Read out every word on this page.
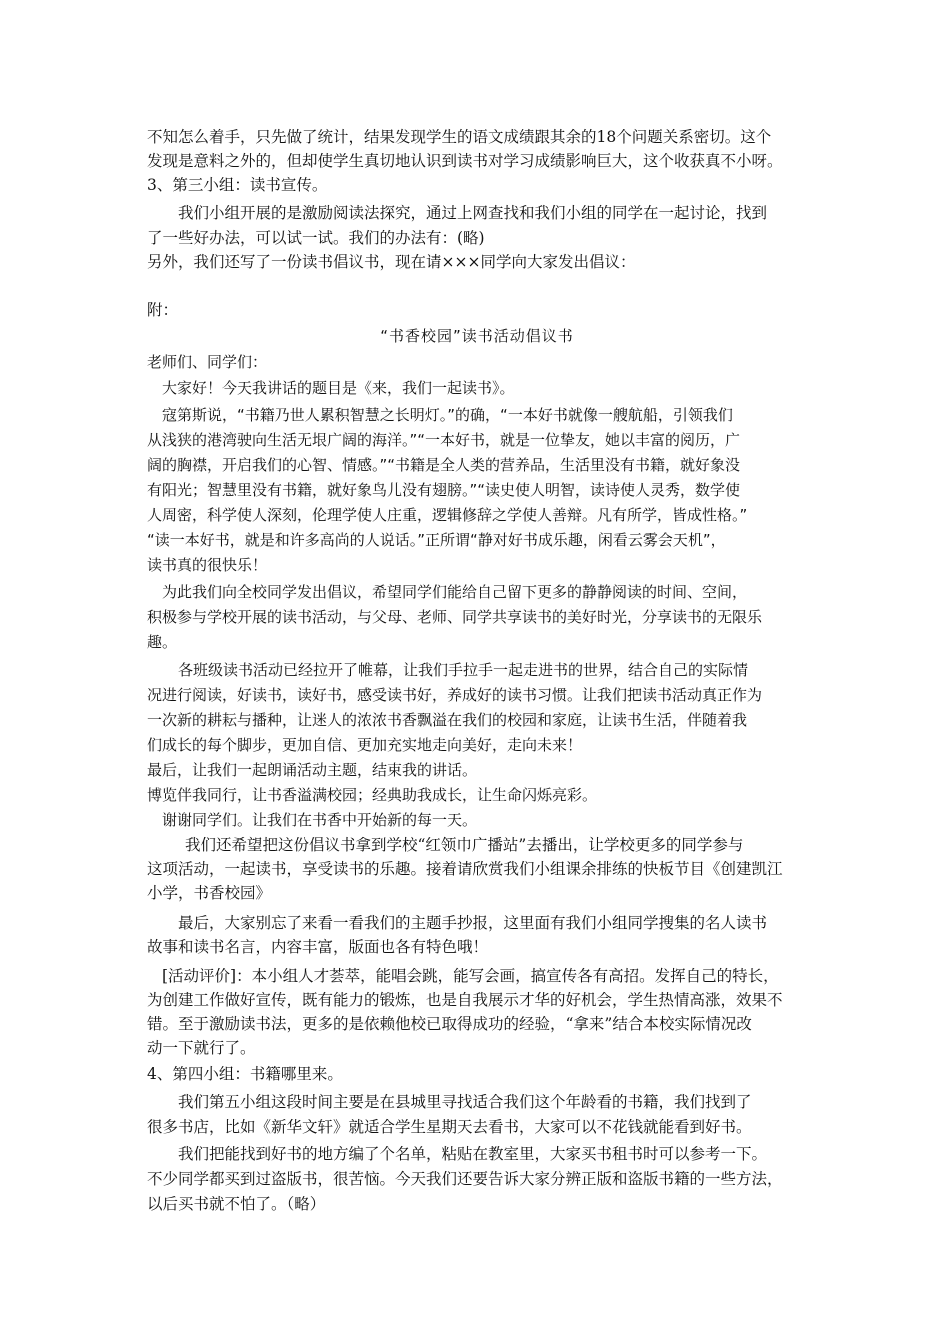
不知怎么着手，只先做了统计，结果发现学生的语文成绩跟其余的18个问题关系密切。这个
发现是意料之外的，但却使学生真切地认识到读书对学习成绩影响巨大，这个收获真不小呀。
3、第三小组：读书宣传。
我们小组开展的是激励阅读法探究，通过上网查找和我们小组的同学在一起讨论，找到
了一些好办法，可以试一试。我们的办法有：(略)
另外，我们还写了一份读书倡议书，现在请×××同学向大家发出倡议：
附：
“书香校园”读书活动倡议书
老师们、同学们：
大家好！今天我讲话的题目是《来，我们一起读书》。
寇第斯说，“书籍乃世人累积智慧之长明灯。”的确，“一本好书就像一艘航船，引领我们
从浅狭的港湾驶向生活无垠广阔的海洋。”“一本好书，就是一位挚友，她以丰富的阅历，广
阔的胸襟，开启我们的心智、情感。”“书籍是全人类的营养品，生活里没有书籍，就好象没
有阳光；智慧里没有书籍，就好象鸟儿没有翅膀。”“读史使人明智，读诗使人灵秀，数学使
人周密，科学使人深刻，伦理学使人庄重，逻辑修辞之学使人善辩。凡有所学，皆成性格。”
“读一本好书，就是和许多高尚的人说话。”正所谓“静对好书成乐趣，闲看云雾会天机”，
读书真的很快乐！
为此我们向全校同学发出倡议，希望同学们能给自己留下更多的静静阅读的时间、空间，
积极参与学校开展的读书活动，与父母、老师、同学共享读书的美好时光，分享读书的无限乐
趣。
各班级读书活动已经拉开了帷幕，让我们手拉手一起走进书的世界，结合自己的实际情
况进行阅读，好读书，读好书，感受读书好，养成好的读书习惯。让我们把读书活动真正作为
一次新的耕耘与播种，让迷人的浓浓书香飘溢在我们的校园和家庭，让读书生活，伴随着我
们成长的每个脚步，更加自信、更加充实地走向美好，走向未来！
最后，让我们一起朗诵活动主题，结束我的讲话。
博览伴我同行，让书香溢满校园；经典助我成长，让生命闪烁亮彩。
谢谢同学们。让我们在书香中开始新的每一天。
我们还希望把这份倡议书拿到学校“红领巾广播站”去播出，让学校更多的同学参与
这项活动，一起读书，享受读书的乐趣。接着请欣赏我们小组课余排练的快板节目《创建凯江
小学，书香校园》
最后，大家别忘了来看一看我们的主题手抄报，这里面有我们小组同学搜集的名人读书
故事和读书名言，内容丰富，版面也各有特色哦！
[活动评价]：本小组人才荟萃，能唱会跳，能写会画，搞宣传各有高招。发挥自己的特长，
为创建工作做好宣传，既有能力的锻炼，也是自我展示才华的好机会，学生热情高涨，效果不
错。至于激励读书法，更多的是依赖他校已取得成功的经验，“拿来”结合本校实际情况改
动一下就行了。
4、第四小组：书籍哪里来。
我们第五小组这段时间主要是在县城里寻找适合我们这个年龄看的书籍，我们找到了
很多书店，比如《新华文轩》就适合学生星期天去看书，大家可以不花钱就能看到好书。
我们把能找到好书的地方编了个名单，粘贴在教室里，大家买书租书时可以参考一下。
不少同学都买到过盗版书，很苦恼。今天我们还要告诉大家分辨正版和盗版书籍的一些方法，
以后买书就不怕了。（略）
